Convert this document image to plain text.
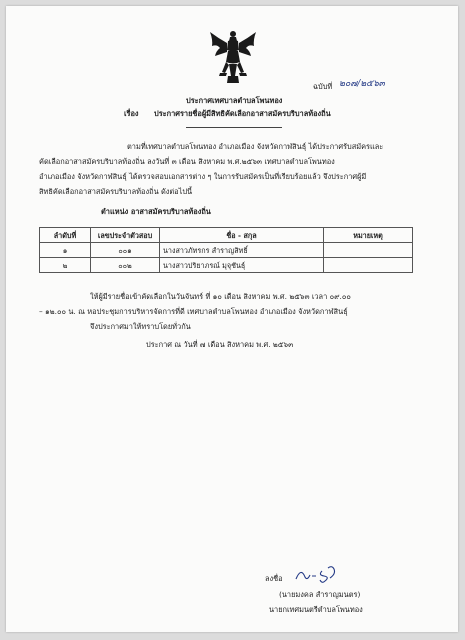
ฉบับที่ ๒๐๗/๒๕๖๓
ประกาศเทศบาลตำบลโพนทอง
เรื่อง ประกาศรายชื่อผู้มีสิทธิคัดเลือกอาสาสมัครบริบาลท้องถิ่น
ตามที่เทศบาลตำบลโพนทอง อำเภอเมือง จังหวัดกาฬสินธุ์ ได้ประกาศรับสมัครและ
คัดเลือกอาสาสมัครบริบาลท้องถิ่น ลงวันที่ ๓ เดือน สิงหาคม พ.ศ.๒๕๖๓ เทศบาลตำบลโพนทอง
อำเภอเมือง จังหวัดกาฬสินธุ์ ได้ตรวจสอบเอกสารต่าง ๆ ในการรับสมัครเป็นที่เรียบร้อยแล้ว จึงประกาศผู้มี
สิทธิคัดเลือกอาสาสมัครบริบาลท้องถิ่น ดังต่อไปนี้
ตำแหน่ง อาสาสมัครบริบาลท้องถิ่น
ลำดับที่	เลขประจำตัวสอบ	ชื่อ - สกุล	หมายเหตุ
๑	๐๐๑	นางสาวภัทรกร สำราญสิทธิ์	
๒	๐๐๒	นางสาวปริยาภรณ์ มุจุชันธุ์	
ให้ผู้มีรายชื่อเข้าคัดเลือกในวันจันทร์ ที่ ๑๐ เดือน สิงหาคม พ.ศ. ๒๕๖๓ เวลา ๐๙.๐๐
– ๑๒.๐๐ น. ณ หอประชุมการบริหารจัดการที่ดี เทศบาลตำบลโพนทอง อำเภอเมือง จังหวัดกาฬสินธุ์
จึงประกาศมาให้ทราบโดยทั่วกัน
ประกาศ ณ วันที่ ๗ เดือน สิงหาคม พ.ศ. ๒๕๖๓
ลงชื่อ
(นายมงคล สำราญมนตร)
นายกเทศมนตรีตำบลโพนทอง
